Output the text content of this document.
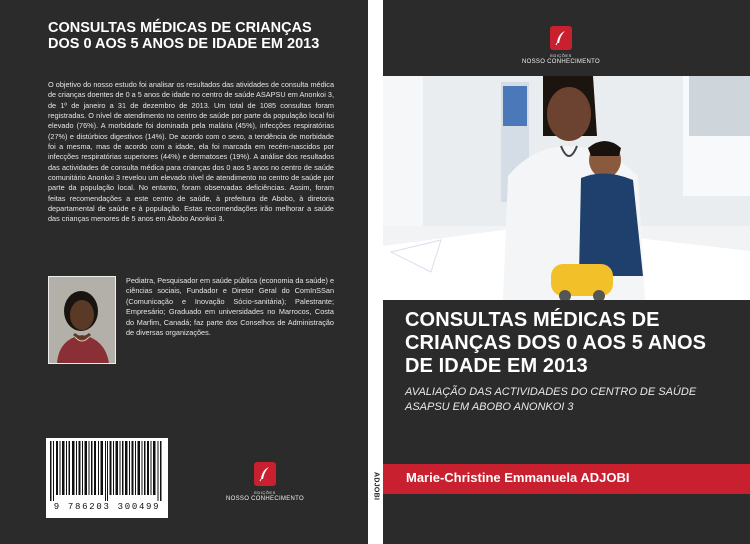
CONSULTAS MÉDICAS DE CRIANÇAS DOS 0 AOS 5 ANOS DE IDADE EM 2013

O objetivo do nosso estudo foi analisar os resultados das atividades de consulta médica de crianças doentes de 0 a 5 anos de idade no centro de saúde ASAPSU em Anonkoi 3, de 1º de janeiro a 31 de dezembro de 2013. Um total de 1085 consultas foram registradas. O nível de atendimento no centro de saúde por parte da população local foi elevado (76%). A morbidade foi dominada pela malária (45%), infecções respiratórias (27%) e distúrbios digestivos (14%). De acordo com o sexo, a tendência de morbidade foi a mesma, mas de acordo com a idade, ela foi marcada em recém-nascidos por infecções respiratórias superiores (44%) e dermatoses (19%). A análise dos resultados das actividades de consulta médica para crianças dos 0 aos 5 anos no centro de saúde comunitário Anonkoi 3 revelou um elevado nível de atendimento no centro de saúde por parte da população local. No entanto, foram observadas deficiências. Assim, foram feitas recomendações a este centro de saúde, à prefeitura de Abobo, à diretoria departamental de saúde e à população. Estas recomendações irão melhorar a saúde das crianças menores de 5 anos em Abobo Anonkoi 3.

Pediatra, Pesquisador em saúde pública (economia da saúde) e ciências sociais, Fundador e Diretor Geral do ComInSSan (Comunicação e Inovação Sócio-sanitária); Palestrante; Empresário; Graduado em universidades no Marrocos, Costa do Marfim, Canadá; faz parte dos Conselhos de Administração de diversas organizações.

9 786203 300499
EDIÇÕES
NOSSO CONHECIMENTO	ADJOBI
EDIÇÕES
NOSSO CONHECIMENTO
CONSULTAS MÉDICAS DE CRIANÇAS DOS 0 AOS 5 ANOS DE IDADE EM 2013

AVALIAÇÃO DAS ACTIVIDADES DO CENTRO DE SAÚDE ASAPSU EM ABOBO ANONKOI 3

Marie-Christine Emmanuela ADJOBI
